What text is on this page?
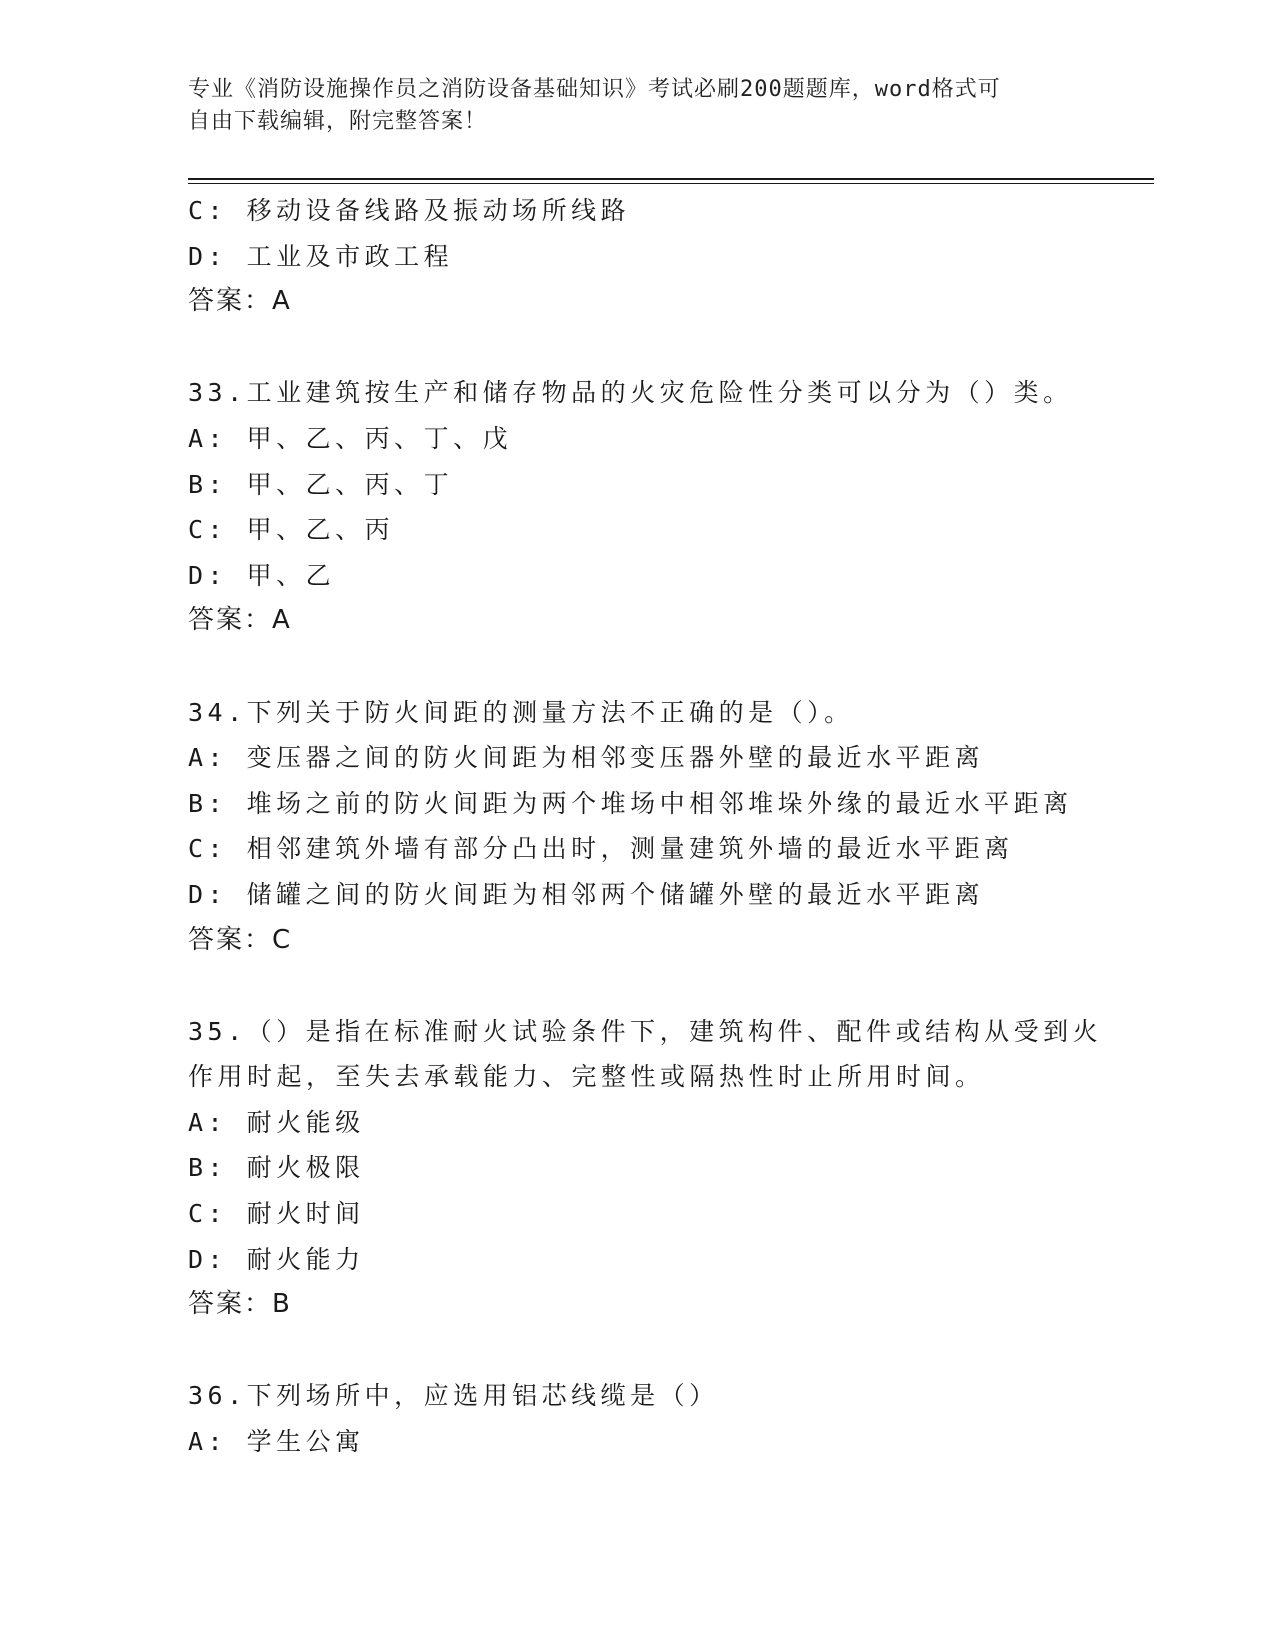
专业《消防设施操作员之消防设备基础知识》考试必刷200题题库，word格式可
自由下载编辑，附完整答案！
C: 移动设备线路及振动场所线路
D: 工业及市政工程
答案：A
33.工业建筑按生产和储存物品的火灾危险性分类可以分为（）类。
A: 甲、乙、丙、丁、戊
B: 甲、乙、丙、丁
C: 甲、乙、丙
D: 甲、乙
答案：A
34.下列关于防火间距的测量方法不正确的是（）。
A: 变压器之间的防火间距为相邻变压器外壁的最近水平距离
B: 堆场之前的防火间距为两个堆场中相邻堆垛外缘的最近水平距离
C: 相邻建筑外墙有部分凸出时，测量建筑外墙的最近水平距离
D: 储罐之间的防火间距为相邻两个储罐外壁的最近水平距离
答案：C
35.（）是指在标准耐火试验条件下，建筑构件、配件或结构从受到火
作用时起，至失去承载能力、完整性或隔热性时止所用时间。
A: 耐火能级
B: 耐火极限
C: 耐火时间
D: 耐火能力
答案：B
36.下列场所中，应选用铝芯线缆是（）
A: 学生公寓
